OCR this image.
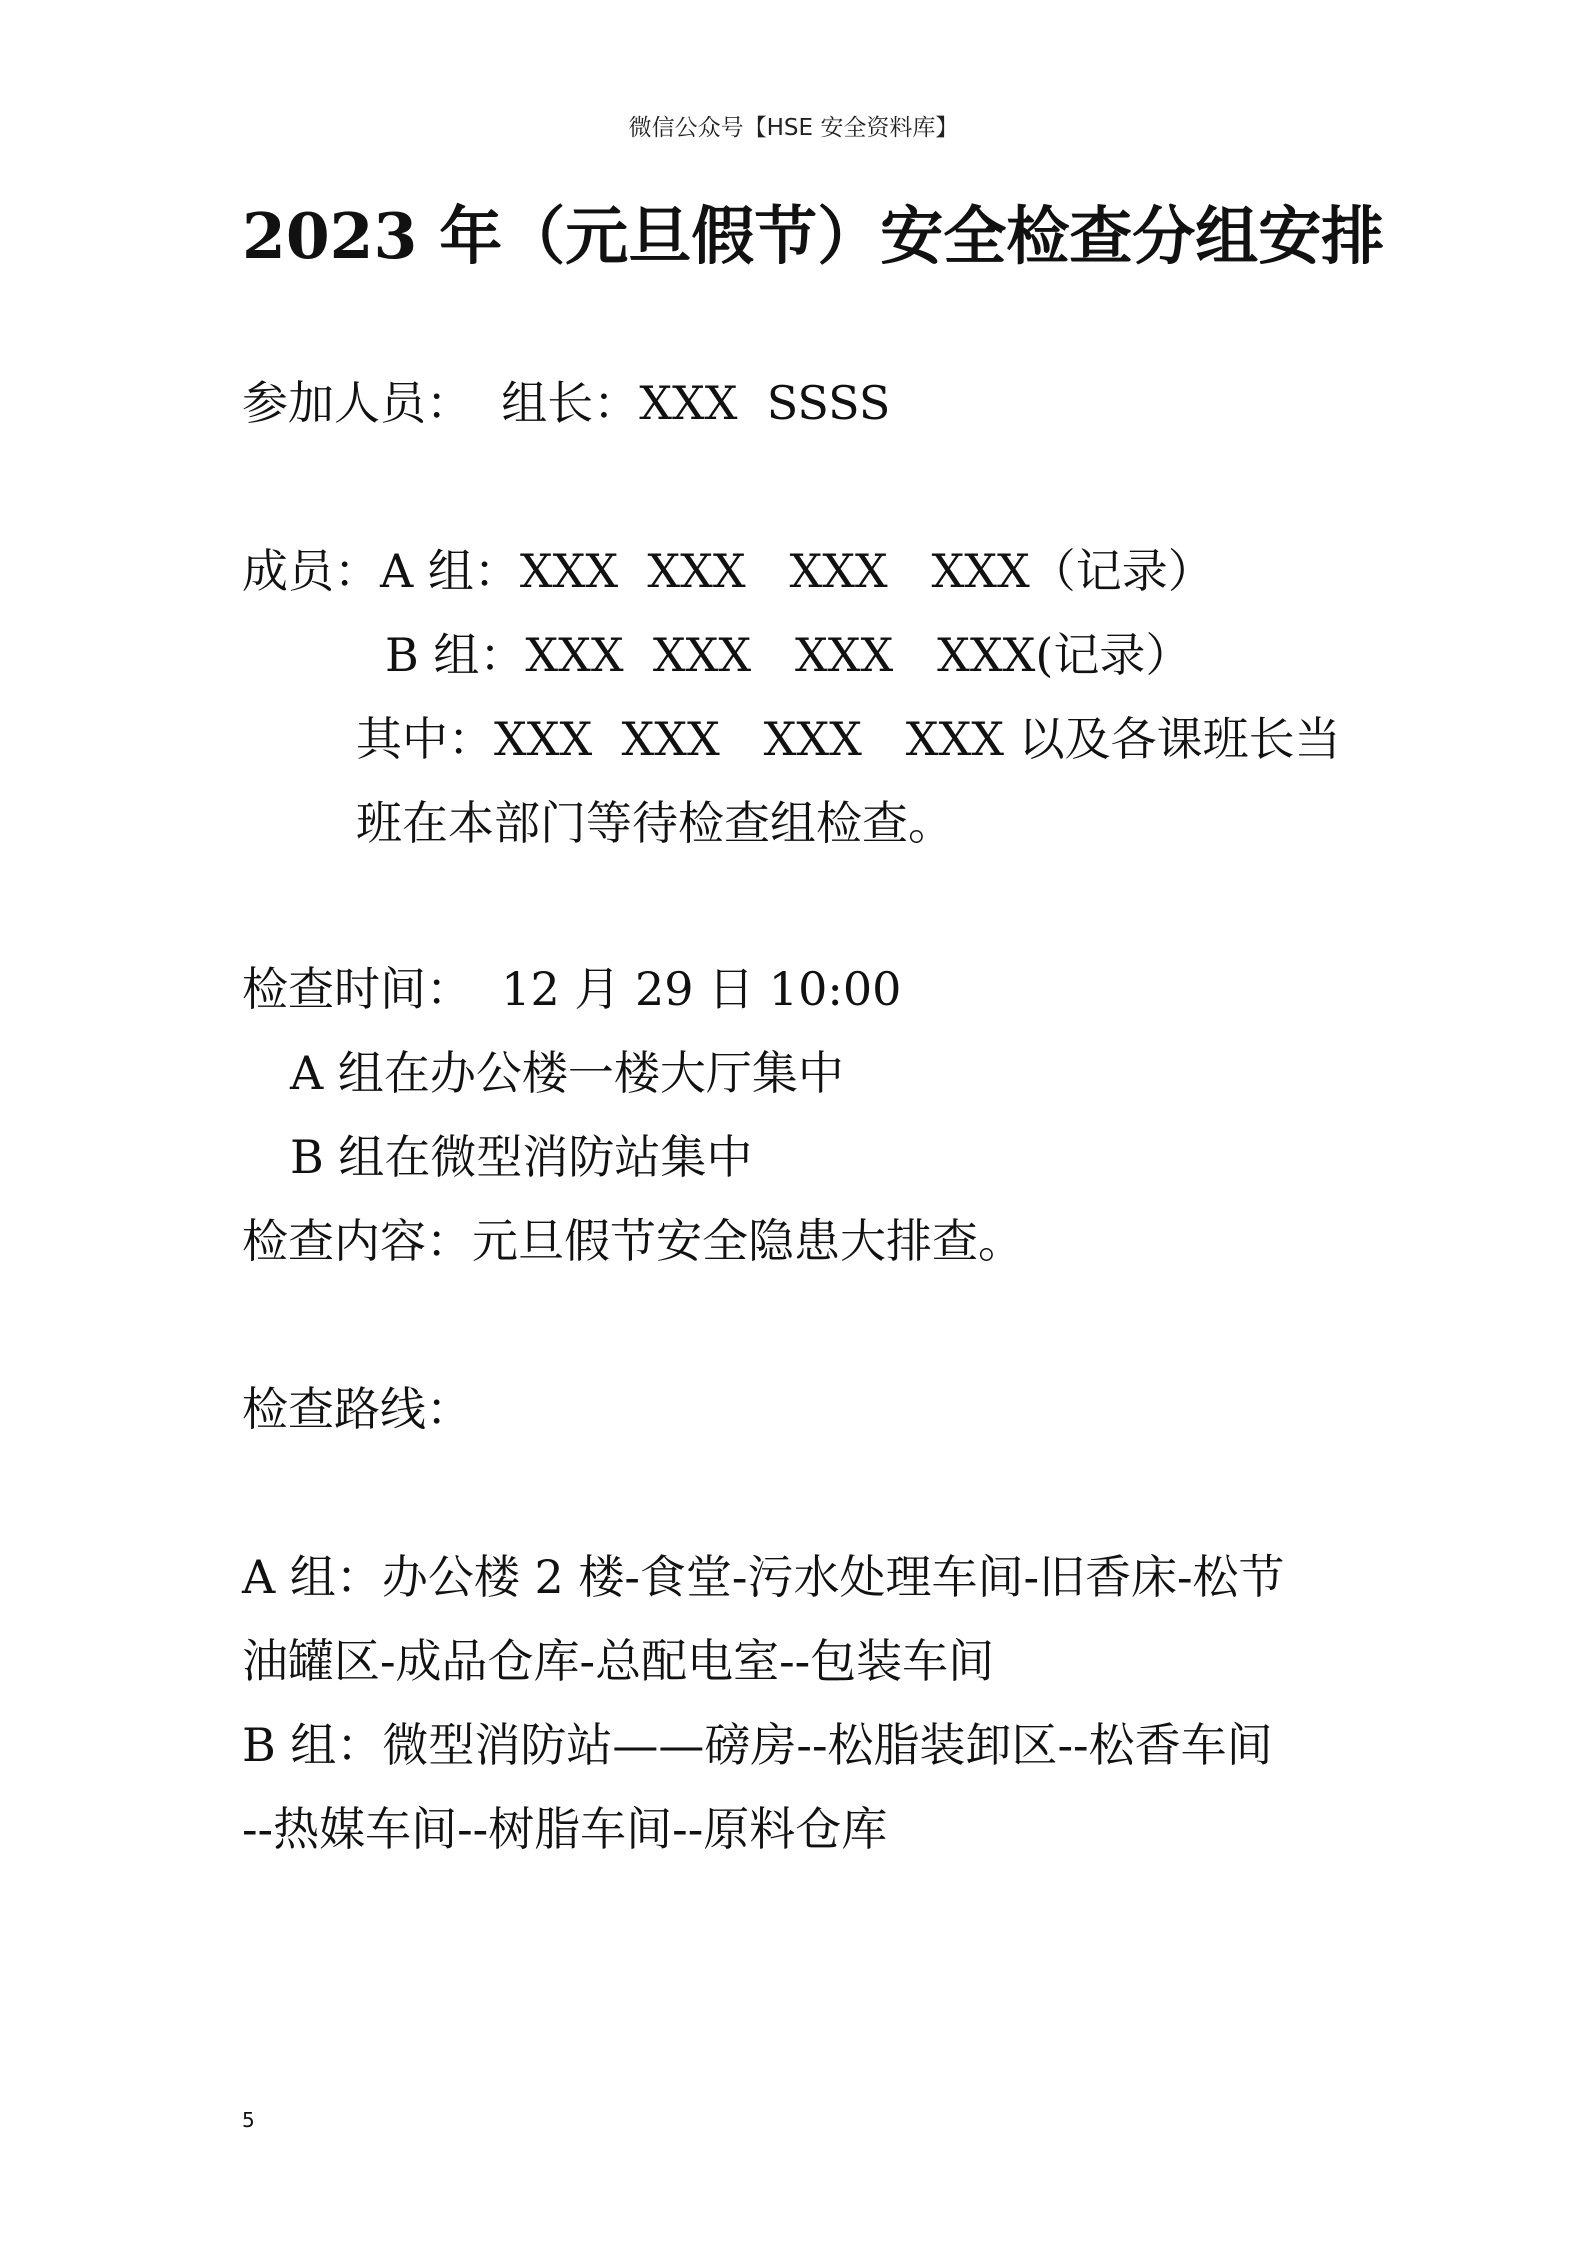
微信公众号【HSE 安全资料库】
2023 年（元旦假节）安全检查分组安排
参加人员：  组长：XXX  SSSS
成员：A 组：XXX  XXX   XXX   XXX（记录）
B 组：XXX  XXX   XXX   XXX(记录）
其中：XXX  XXX   XXX   XXX 以及各课班长当
班在本部门等待检查组检查。
检查时间：  12 月 29 日 10:00
A 组在办公楼一楼大厅集中
B 组在微型消防站集中
检查内容：元旦假节安全隐患大排查。
检查路线：
A 组：办公楼 2 楼-食堂-污水处理车间-旧香床-松节
油罐区-成品仓库-总配电室--包装车间
B 组：微型消防站——磅房--松脂装卸区--松香车间
--热媒车间--树脂车间--原料仓库
5
